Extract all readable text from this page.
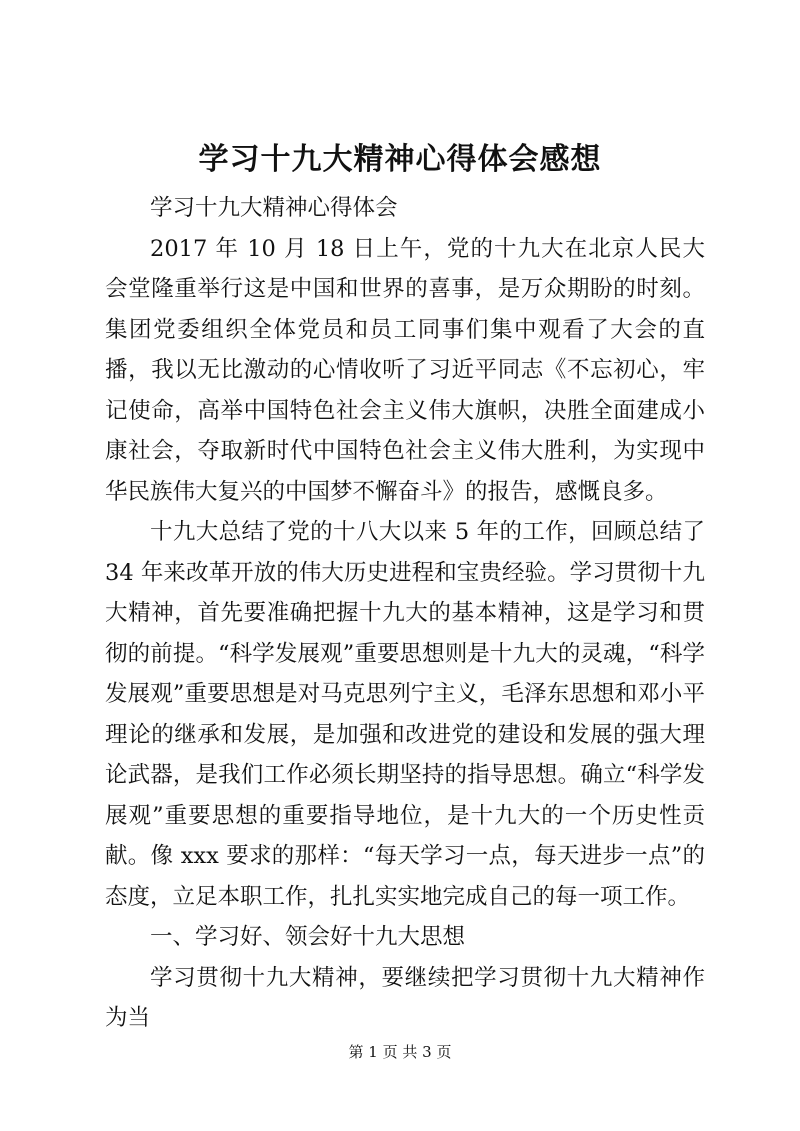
学习十九大精神心得体会感想

学习十九大精神心得体会

2017 年 10 月 18 日上午，党的十九大在北京人民大会堂隆重举行这是中国和世界的喜事，是万众期盼的时刻。集团党委组织全体党员和员工同事们集中观看了大会的直播，我以无比激动的心情收听了习近平同志《不忘初心，牢记使命，高举中国特色社会主义伟大旗帜，决胜全面建成小康社会，夺取新时代中国特色社会主义伟大胜利，为实现中华民族伟大复兴的中国梦不懈奋斗》的报告，感慨良多。

十九大总结了党的十八大以来 5 年的工作，回顾总结了 34 年来改革开放的伟大历史进程和宝贵经验。学习贯彻十九大精神，首先要准确把握十九大的基本精神，这是学习和贯彻的前提。“科学发展观”重要思想则是十九大的灵魂，“科学发展观”重要思想是对马克思列宁主义，毛泽东思想和邓小平理论的继承和发展，是加强和改进党的建设和发展的强大理论武器，是我们工作必须长期坚持的指导思想。确立“科学发展观”重要思想的重要指导地位，是十九大的一个历史性贡献。像 xxx 要求的那样：“每天学习一点，每天进步一点”的态度，立足本职工作，扎扎实实地完成自己的每一项工作。

一、学习好、领会好十九大思想

学习贯彻十九大精神，要继续把学习贯彻十九大精神作为当

第 1 页 共 3 页
